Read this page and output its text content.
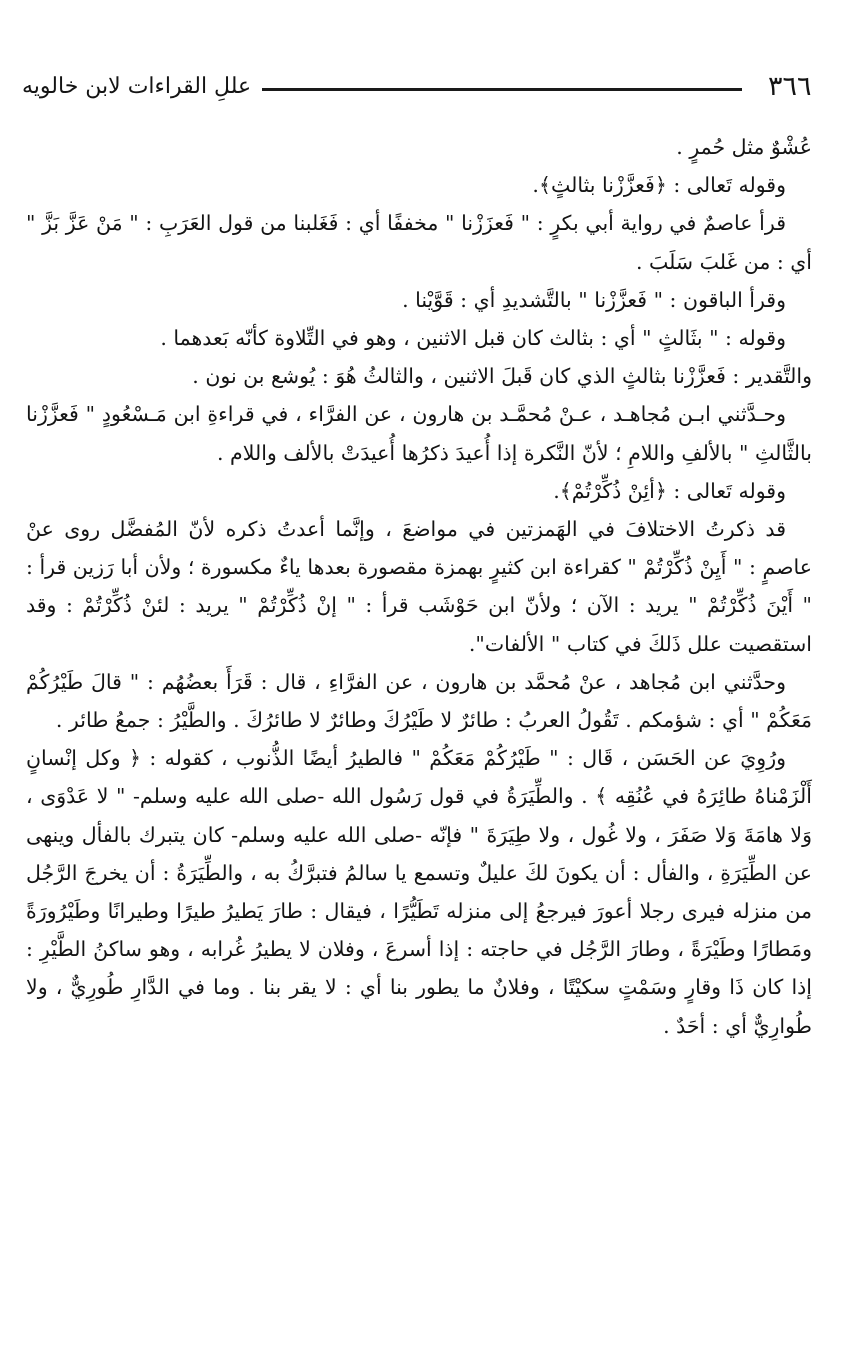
٣٦٦
عللِ القراءات لابن خالويه

عُشْوٌ مثل حُمرٍ .

وقوله تَعالى : ﴿فَعزَّزْنا بثالثٍ﴾.

قرأ عاصمٌ في رواية أبي بكرٍ : " فَعزَزْنا " مخففًا أي : فَغَلبنا من قول العَرَبِ : " مَنْ عَزَّ بَزَّ " أي : من غَلبَ سَلَبَ .

وقرأ الباقون : " فَعزَّزْنا " بالتَّشديدِ أي : قَوَّيْنا .

وقوله : " بثَالثٍ " أي : بثالث كان قبل الاثنين ، وهو في التِّلاوة كأنّه بَعدهما .

والتَّقدير : فَعزَّزْنا بثالثٍ الذي كان قَبلَ الاثنين ، والثالثُ هُوَ : يُوشع بن نون .

وحـدَّثني ابـن مُجاهـد ، عـنْ مُحمَّـد بن هارون ، عن الفرَّاء ، في قراءةِ ابن مَـسْعُودٍ " فَعزَّزْنا بالثَّالثِ " بالألفِ واللامِ ؛ لأنّ النَّكرة إذا أُعيدَ ذكرُها أُعيدَتْ بالألف واللام .

وقوله تَعالى : ﴿أئِنْ ذُكِّرْتُمْ﴾.

قد ذكرتُ الاختلافَ في الهَمزتين في مواضعَ ، وإنَّما أعدتُ ذكره لأنّ المُفضَّل روى عنْ عاصمٍ : " أَيِنْ ذُكِّرْتُمْ " كقراءة ابن كثيرٍ بهمزة مقصورة بعدها ياءٌ مكسورة ؛ ولأن أبا رَزين قرأ : " أَيْنَ ذُكِّرْتُمْ " يريد : الآن ؛ ولأنّ ابن حَوْشَب قرأ : " إنْ ذُكِّرْتُمْ " يريد : لئنْ ذُكِّرْتُمْ : وقد استقصيت علل ذَلكَ في كتاب " الألفات".

وحدَّثني ابن مُجاهد ، عنْ مُحمَّد بن هارون ، عن الفرَّاءِ ، قال : قَرَأَ بعضُهُم : " قالَ طَيْرُكُمْ مَعَكُمْ " أي : شؤمكم . تَقُولُ العربُ : طائرٌ لا طَيْرُكَ وطائرٌ لا طائرُكَ . والطَّيْرُ : جمعُ طائر .

ورُوِيَ عن الحَسَن ، قَال : " طَيْرُكُمْ مَعَكُمْ " فالطيرُ أيضًا الذُّنوب ، كقوله : ﴿ وكل إنْسانٍ أَلْزَمْناهُ طائِرَهُ في عُنُقِه ﴾ . والطِّيَرَةُ في قول رَسُول الله -صلى الله عليه وسلم- " لا عَدْوَى ، وَلا هامَةَ وَلا صَفَرَ ، ولا غُول ، ولا طِيَرَةَ " فإنّه -صلى الله عليه وسلم- كان يتبرك بالفأل وينهى عن الطِّيَرَةِ ، والفأل : أن يكونَ لكَ عليلٌ وتسمع يا سالمُ فتبرَّكُ به ، والطِّيَرَةُ : أن يخرجَ الرَّجُل من منزله فيرى رجلا أعورَ فيرجعُ إلى منزله تَطَيُّرًا ، فيقال : طارَ يَطيرُ طيرًا وطيرانًا وطَيْرُورَةً ومَطارًا وطَيْرَةً ، وطارَ الرَّجُل في حاجته : إذا أسرعَ ، وفلان لا يطيرُ غُرابه ، وهو ساكنُ الطَّيْرِ : إذا كان ذَا وقارٍ وسَمْتٍ سكيْتًا ، وفلانٌ ما يطور بنا أي : لا يقر بنا . وما في الدَّارِ طُورِيٌّ ، ولا طُوارِيٌّ أي : أحَدٌ .
